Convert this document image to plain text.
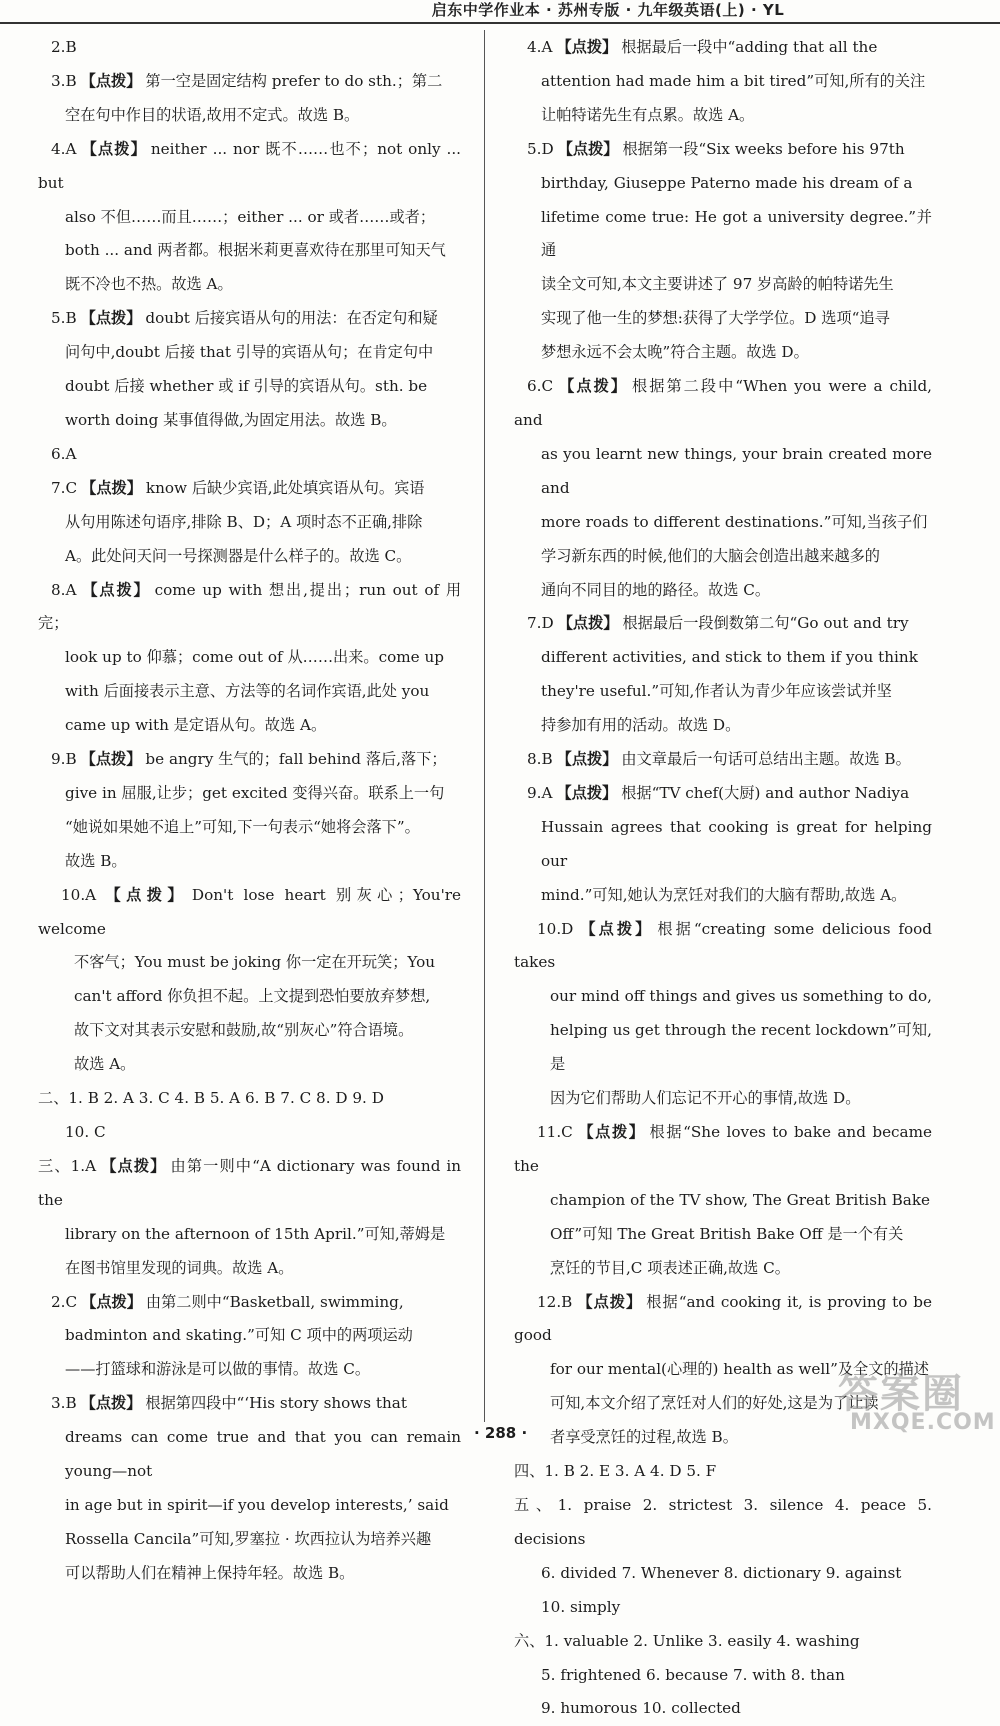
启东中学作业本 · 苏州专版 · 九年级英语(上) · YL
2.B
3.B 【点拨】 第一空是固定结构 prefer to do sth.；第二
空在句中作目的状语,故用不定式。故选 B。
4.A 【点拨】 neither ... nor 既不……也不；not only ... but
also 不但……而且……；either ... or 或者……或者；
both ... and 两者都。根据米莉更喜欢待在那里可知天气
既不冷也不热。故选 A。
5.B 【点拨】 doubt 后接宾语从句的用法：在否定句和疑
问句中,doubt 后接 that 引导的宾语从句；在肯定句中
doubt 后接 whether 或 if 引导的宾语从句。sth. be
worth doing 某事值得做,为固定用法。故选 B。
6.A
7.C 【点拨】 know 后缺少宾语,此处填宾语从句。宾语
从句用陈述句语序,排除 B、D；A 项时态不正确,排除
A。此处问天问一号探测器是什么样子的。故选 C。
8.A 【点拨】 come up with 想出,提出；run out of 用完；
look up to 仰慕；come out of 从……出来。come up
with 后面接表示主意、方法等的名词作宾语,此处 you
came up with 是定语从句。故选 A。
9.B 【点拨】 be angry 生气的；fall behind 落后,落下；
give in 屈服,让步；get excited 变得兴奋。联系上一句
“她说如果她不追上”可知,下一句表示“她将会落下”。
故选 B。
10.A 【点拨】 Don't lose heart 别灰心；You're welcome
不客气；You must be joking 你一定在开玩笑；You
can't afford 你负担不起。上文提到恐怕要放弃梦想,
故下文对其表示安慰和鼓励,故“别灰心”符合语境。
故选 A。
二、1. B 2. A 3. C 4. B 5. A 6. B 7. C 8. D 9. D
10. C
三、1.A 【点拨】 由第一则中“A dictionary was found in the
library on the afternoon of 15th April.”可知,蒂姆是
在图书馆里发现的词典。故选 A。
2.C 【点拨】 由第二则中“Basketball, swimming,
badminton and skating.”可知 C 项中的两项运动
——打篮球和游泳是可以做的事情。故选 C。
3.B 【点拨】 根据第四段中“‘His story shows that
dreams can come true and that you can remain young—not
in age but in spirit—if you develop interests,’ said
Rossella Cancila”可知,罗塞拉 · 坎西拉认为培养兴趣
可以帮助人们在精神上保持年轻。故选 B。
4.A 【点拨】 根据最后一段中“adding that all the
attention had made him a bit tired”可知,所有的关注
让帕特诺先生有点累。故选 A。
5.D 【点拨】 根据第一段“Six weeks before his 97th
birthday, Giuseppe Paterno made his dream of a
lifetime come true: He got a university degree.”并通
读全文可知,本文主要讲述了 97 岁高龄的帕特诺先生
实现了他一生的梦想:获得了大学学位。D 选项“追寻
梦想永远不会太晚”符合主题。故选 D。
6.C 【点拨】 根据第二段中“When you were a child, and
as you learnt new things, your brain created more and
more roads to different destinations.”可知,当孩子们
学习新东西的时候,他们的大脑会创造出越来越多的
通向不同目的地的路径。故选 C。
7.D 【点拨】 根据最后一段倒数第二句“Go out and try
different activities, and stick to them if you think
they're useful.”可知,作者认为青少年应该尝试并坚
持参加有用的活动。故选 D。
8.B 【点拨】 由文章最后一句话可总结出主题。故选 B。
9.A 【点拨】 根据“TV chef(大厨) and author Nadiya
Hussain agrees that cooking is great for helping our
mind.”可知,她认为烹饪对我们的大脑有帮助,故选 A。
10.D 【点拨】 根据“creating some delicious food takes
our mind off things and gives us something to do,
helping us get through the recent lockdown”可知,是
因为它们帮助人们忘记不开心的事情,故选 D。
11.C 【点拨】 根据“She loves to bake and became the
champion of the TV show, The Great British Bake
Off”可知 The Great British Bake Off 是一个有关
烹饪的节目,C 项表述正确,故选 C。
12.B 【点拨】 根据“and cooking it, is proving to be good
for our mental(心理的) health as well”及全文的描述
可知,本文介绍了烹饪对人们的好处,这是为了让读
者享受烹饪的过程,故选 B。
四、1. B 2. E 3. A 4. D 5. F
五、1. praise 2. strictest 3. silence 4. peace 5. decisions
6. divided 7. Whenever 8. dictionary 9. against
10. simply
六、1. valuable 2. Unlike 3. easily 4. washing
5. frightened 6. because 7. with 8. than
9. humorous 10. collected
· 288 ·
答案圈
MXQE.COM
